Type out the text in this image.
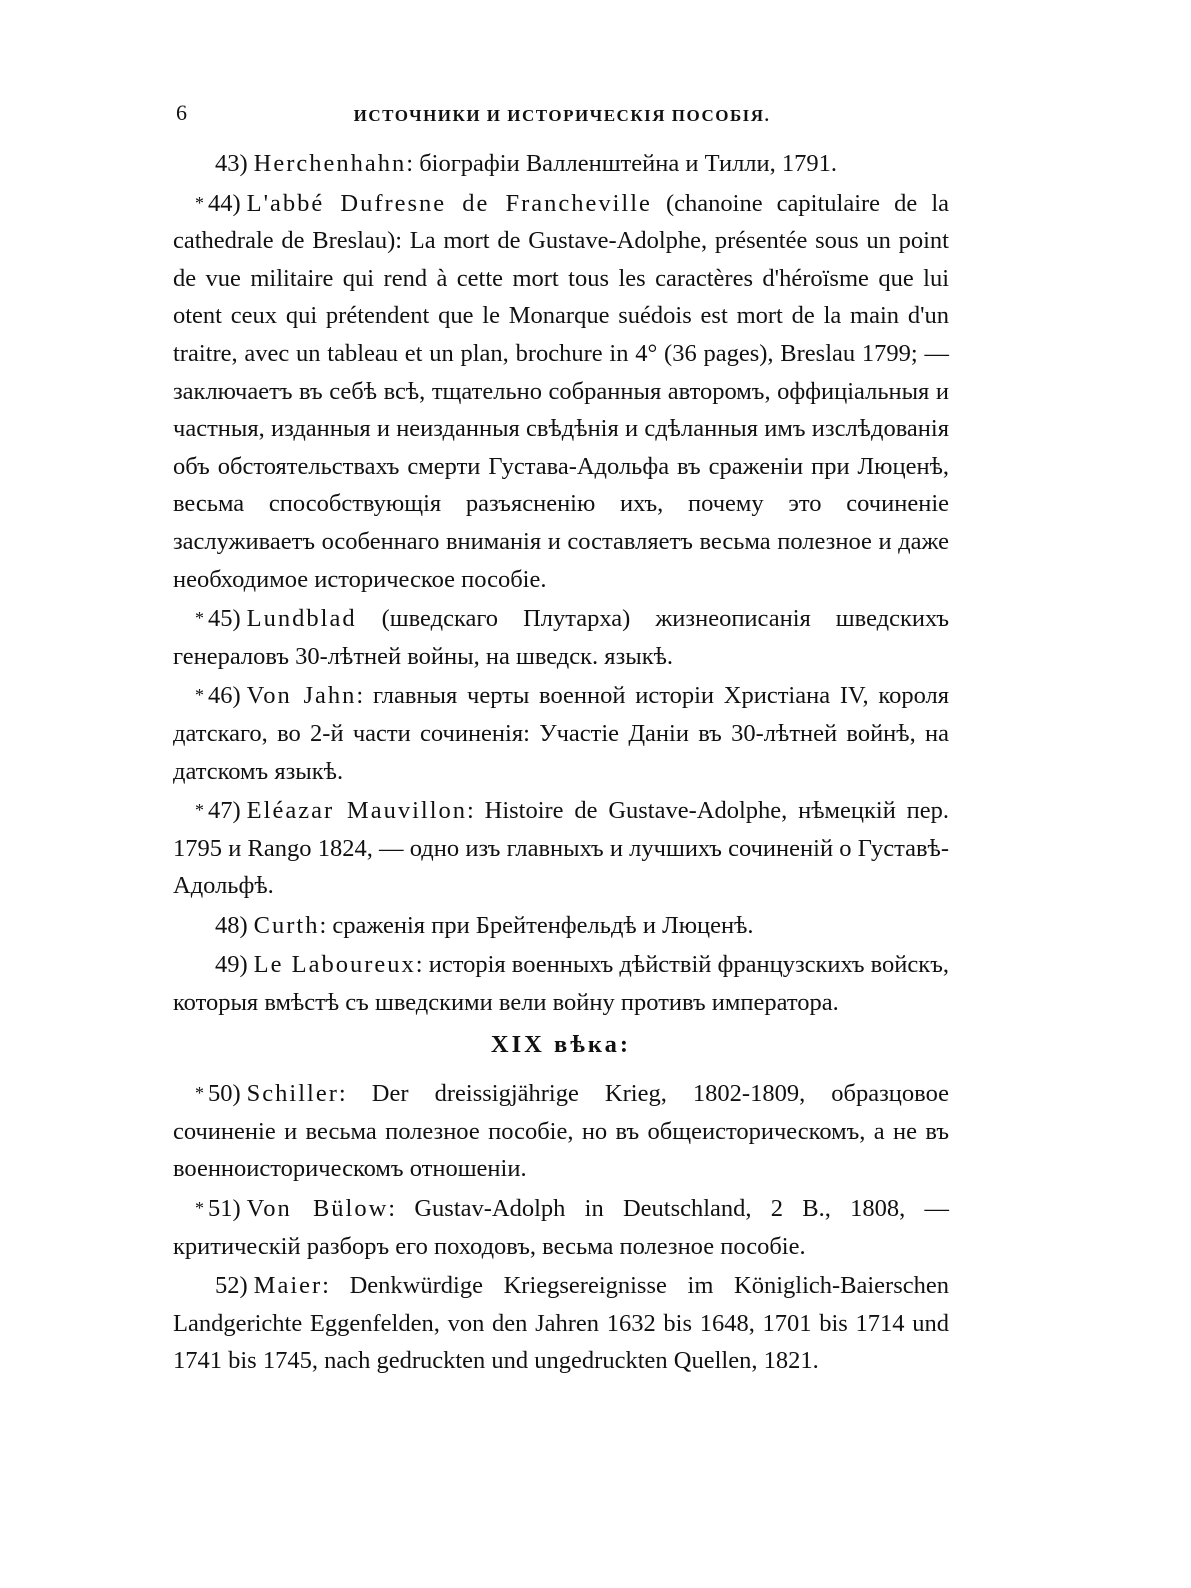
6	ИСТОЧНИКИ И ИСТОРИЧЕСКІЯ ПОСОБІЯ.

43) Herchenhahn: біографіи Валленштейна и Тилли, 1791.

* 44) L'abbé Dufresne de Francheville (chanoine capitulaire de la cathedrale de Breslau): La mort de Gustave-Adolphe, présentée sous un point de vue militaire qui rend à cette mort tous les caractères d'héroïsme que lui otent ceux qui prétendent que le Monarque suédois est mort de la main d'un traitre, avec un tableau et un plan, brochure in 4° (36 pages), Breslau 1799; — заключаетъ въ себѣ всѣ, тщательно собранныя авторомъ, оффиціальныя и частныя, изданныя и неизданныя свѣдѣнія и сдѣланныя имъ изслѣдованія объ обстоятельствахъ смерти Густава-Адольфа въ сраженіи при Люценѣ, весьма способствующія разъясненію ихъ, почему это сочиненіе заслуживаетъ особеннаго вниманія и составляетъ весьма полезное и даже необходимое историческое пособіе.

* 45) Lundblad (шведскаго Плутарха) жизнеописанія шведскихъ генераловъ 30-лѣтней войны, на шведск. языкѣ.

* 46) Von Jahn: главныя черты военной исторіи Христіана IV, короля датскаго, во 2-й части сочиненія: Участіе Даніи въ 30-лѣтней войнѣ, на датскомъ языкѣ.

* 47) Eléazar Mauvillon: Histoire de Gustave-Adolphe, нѣмецкій пер. 1795 и Rango 1824, — одно изъ главныхъ и лучшихъ сочиненій о Густавѣ-Адольфѣ.

48) Curth: сраженія при Брейтенфельдѣ и Люценѣ.

49) Le Laboureux: исторія военныхъ дѣйствій французскихъ войскъ, которыя вмѣстѣ съ шведскими вели войну противъ императора.

XIX вѣка:

* 50) Schiller: Der dreissigjährige Krieg, 1802-1809, образцовое сочиненіе и весьма полезное пособіе, но въ общеисторическомъ, а не въ военноисторическомъ отношеніи.

* 51) Von Bülow: Gustav-Adolph in Deutschland, 2 B., 1808, — критическій разборъ его походовъ, весьма полезное пособіе.

52) Maier: Denkwürdige Kriegsereignisse im Königlich-Baierschen Landgerichte Eggenfelden, von den Jahren 1632 bis 1648, 1701 bis 1714 und 1741 bis 1745, nach gedruckten und ungedruckten Quellen, 1821.
